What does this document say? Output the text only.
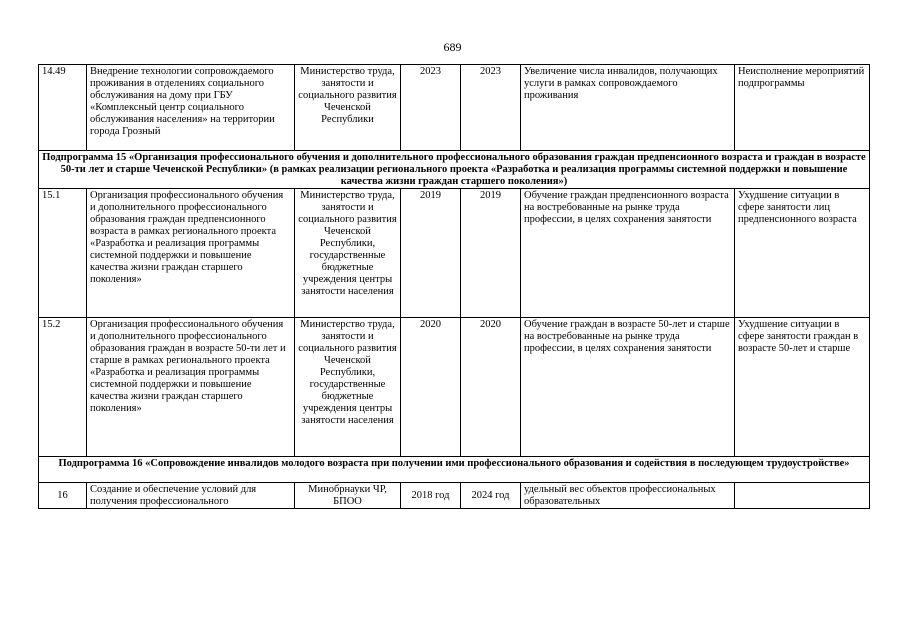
689
14.49	Внедрение технологии сопровождаемого проживания в отделениях социального обслуживания на дому при ГБУ «Комплексный центр социального обслуживания населения» на территории города Грозный	Министерство труда, занятости и социального развития Чеченской Республики	2023	2023	Увеличение числа инвалидов, получающих услуги в рамках сопровождаемого проживания	Неисполнение мероприятий подпрограммы
Подпрограмма 15 «Организация профессионального обучения и дополнительного профессионального образования граждан предпенсионного возраста и граждан в возрасте 50-ти лет и старше Чеченской Республики» (в рамках реализации регионального проекта «Разработка и реализация программы системной поддержки и повышение качества жизни граждан старшего поколения»)						
15.1	Организация профессионального обучения и дополнительного профессионального образования граждан предпенсионного возраста в рамках регионального проекта «Разработка и реализация программы системной поддержки и повышение качества жизни граждан старшего поколения»	Министерство труда, занятости и социального развития Чеченской Республики, государственные бюджетные учреждения центры занятости населения	2019	2019	Обучение граждан предпенсионного возраста на востребованные на рынке труда профессии, в целях сохранения занятости	Ухудшение ситуации в сфере занятости лиц предпенсионного возраста
15.2	Организация профессионального обучения и дополнительного профессионального образования граждан в возрасте 50-ти лет и старше в рамках регионального проекта «Разработка и реализация программы системной поддержки и повышение качества жизни граждан старшего поколения»	Министерство труда, занятости и социального развития Чеченской Республики, государственные бюджетные учреждения центры занятости населения	2020	2020	Обучение граждан в возрасте 50-лет и старше на востребованные на рынке труда профессии, в целях сохранения занятости	Ухудшение ситуации в сфере занятости граждан в возрасте 50-лет и старше
Подпрограмма 16 «Сопровождение инвалидов молодого возраста при получении ими профессионального образования и содействия в последующем трудоустройстве»						
16	Создание и обеспечение условий для получения профессионального	Минобрнауки ЧР, БПОО	2018 год	2024 год	удельный вес объектов профессиональных образовательных	
